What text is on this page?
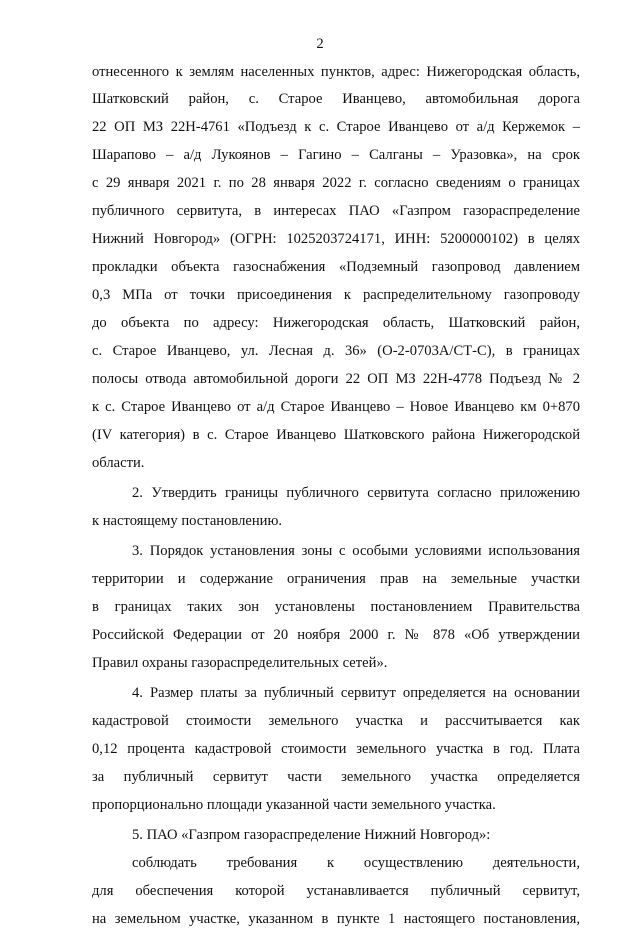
2
отнесенного к землям населенных пунктов, адрес: Нижегородская область,
Шатковский район, с. Старое Иванцево, автомобильная дорога
22 ОП МЗ 22Н-4761 «Подъезд к с. Старое Иванцево от а/д Кержемок –
Шарапово – а/д Лукоянов – Гагино – Салганы – Уразовка», на срок
с 29 января 2021 г. по 28 января 2022 г. согласно сведениям о границах
публичного сервитута, в интересах ПАО «Газпром газораспределение
Нижний Новгород» (ОГРН: 1025203724171, ИНН: 5200000102) в целях
прокладки объекта газоснабжения «Подземный газопровод давлением
0,3 МПа от точки присоединения к распределительному газопроводу
до объекта по адресу: Нижегородская область, Шатковский район,
с. Старое Иванцево, ул. Лесная д. 36» (О-2-0703А/СТ-С), в границах
полосы отвода автомобильной дороги 22 ОП МЗ 22Н-4778 Подъезд № 2
к с. Старое Иванцево от а/д Старое Иванцево – Новое Иванцево км 0+870
(IV категория) в с. Старое Иванцево Шатковского района Нижегородской
области.
2. Утвердить границы публичного сервитута согласно приложению
к настоящему постановлению.
3. Порядок установления зоны с особыми условиями использования
территории и содержание ограничения прав на земельные участки
в границах таких зон установлены постановлением Правительства
Российской Федерации от 20 ноября 2000 г. № 878 «Об утверждении
Правил охраны газораспределительных сетей».
4. Размер платы за публичный сервитут определяется на основании
кадастровой стоимости земельного участка и рассчитывается как
0,12 процента кадастровой стоимости земельного участка в год. Плата
за публичный сервитут части земельного участка определяется
пропорционально площади указанной части земельного участка.
5. ПАО «Газпром газораспределение Нижний Новгород»:
соблюдать требования к осуществлению деятельности,
для обеспечения которой устанавливается публичный сервитут,
на земельном участке, указанном в пункте 1 настоящего постановления,
